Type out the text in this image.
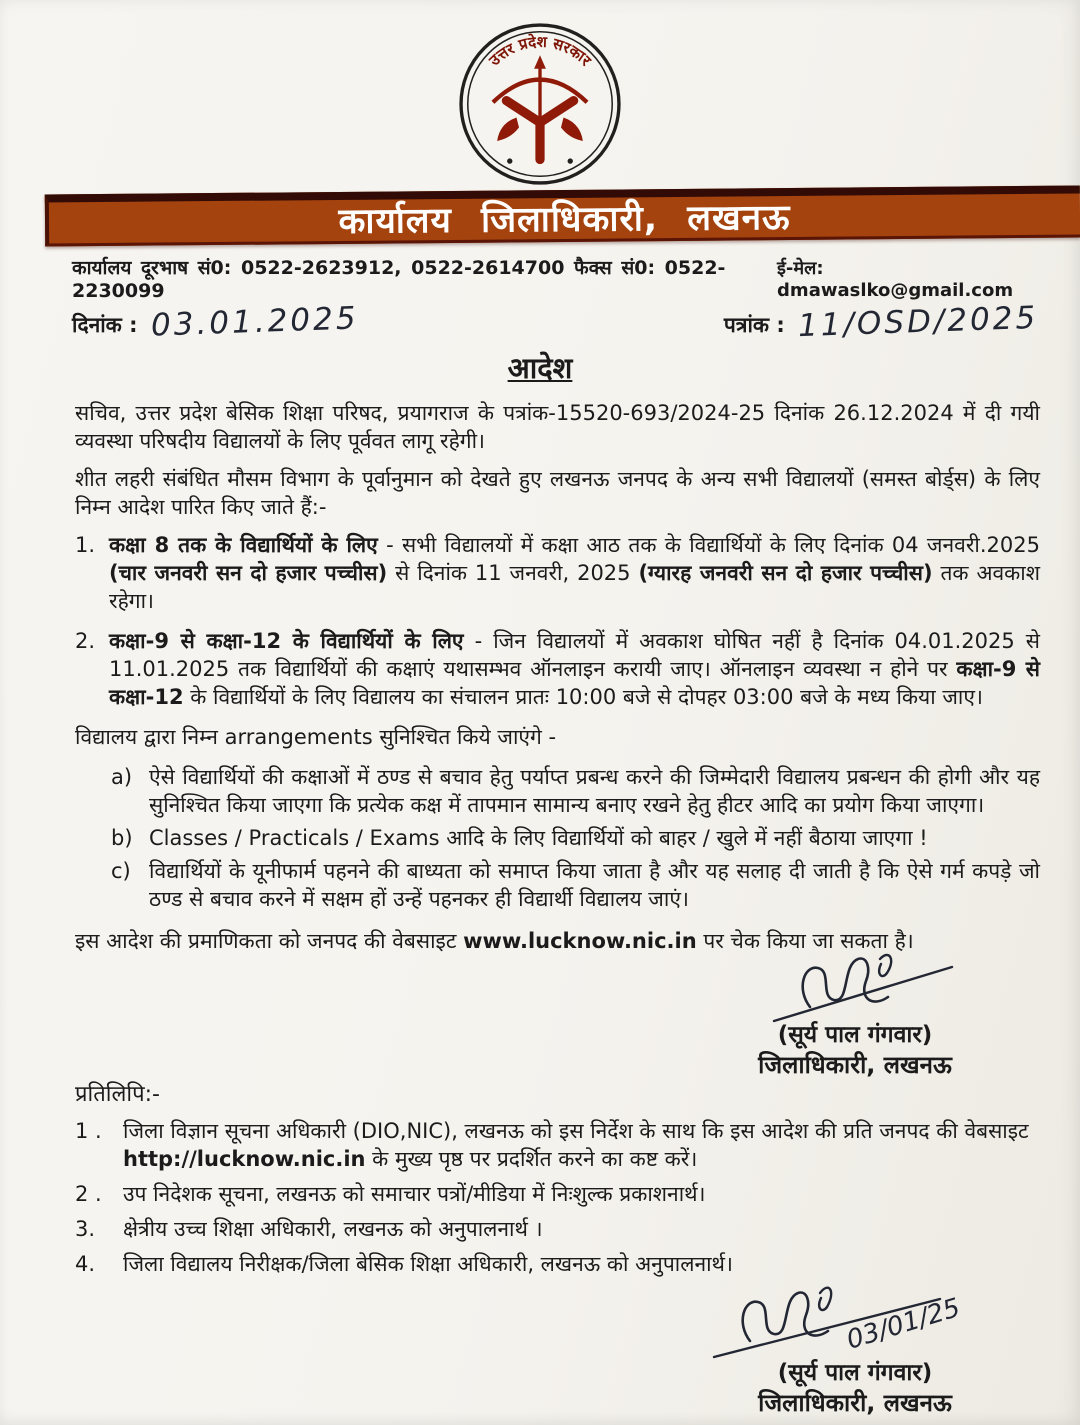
उत्तर प्रदेश सरकार
कार्यालय जिलाधिकारी, लखनऊ
कार्यालय दूरभाष सं0: 0522-2623912, 0522-2614700 फैक्स सं0: 0522-2230099
ई-मेल: dmawaslko@gmail.com
दिनांक : 03.01.2025	पत्रांक : 11/OSD/2025
आदेश

सचिव, उत्तर प्रदेश बेसिक शिक्षा परिषद, प्रयागराज के पत्रांक-15520-693/2024-25 दिनांक 26.12.2024 में दी गयी व्यवस्था परिषदीय विद्यालयों के लिए पूर्ववत लागू रहेगी।

शीत लहरी संबंधित मौसम विभाग के पूर्वानुमान को देखते हुए लखनऊ जनपद के अन्य सभी विद्यालयों (समस्त बोर्ड्स) के लिए निम्न आदेश पारित किए जाते हैं:-

1. कक्षा 8 तक के विद्यार्थियों के लिए - सभी विद्यालयों में कक्षा आठ तक के विद्यार्थियों के लिए दिनांक 04 जनवरी.2025 (चार जनवरी सन दो हजार पच्चीस) से दिनांक 11 जनवरी, 2025 (ग्यारह जनवरी सन दो हजार पच्चीस) तक अवकाश रहेगा।
2. कक्षा-9 से कक्षा-12 के विद्यार्थियों के लिए - जिन विद्यालयों में अवकाश घोषित नहीं है दिनांक 04.01.2025 से 11.01.2025 तक विद्यार्थियों की कक्षाएं यथासम्भव ऑनलाइन करायी जाए। ऑनलाइन व्यवस्था न होने पर कक्षा-9 से कक्षा-12 के विद्यार्थियों के लिए विद्यालय का संचालन प्रातः 10:00 बजे से दोपहर 03:00 बजे के मध्य किया जाए।

विद्यालय द्वारा निम्न arrangements सुनिश्चित किये जाएंगे -

a) ऐसे विद्यार्थियों की कक्षाओं में ठण्ड से बचाव हेतु पर्याप्त प्रबन्ध करने की जिम्मेदारी विद्यालय प्रबन्धन की होगी और यह सुनिश्चित किया जाएगा कि प्रत्येक कक्ष में तापमान सामान्य बनाए रखने हेतु हीटर आदि का प्रयोग किया जाएगा।
b) Classes / Practicals / Exams आदि के लिए विद्यार्थियों को बाहर / खुले में नहीं बैठाया जाएगा !
c) विद्यार्थियों के यूनीफार्म पहनने की बाध्यता को समाप्त किया जाता है और यह सलाह दी जाती है कि ऐसे गर्म कपड़े जो ठण्ड से बचाव करने में सक्षम हों उन्हें पहनकर ही विद्यार्थी विद्यालय जाएं।

इस आदेश की प्रमाणिकता को जनपद की वेबसाइट www.lucknow.nic.in पर चेक किया जा सकता है।

(सूर्य पाल गंगवार)
जिलाधिकारी, लखनऊ
प्रतिलिपि:-
1 .	जिला विज्ञान सूचना अधिकारी (DIO,NIC), लखनऊ को इस निर्देश के साथ कि इस आदेश की प्रति जनपद की वेबसाइट http://lucknow.nic.in के मुख्य पृष्ठ पर प्रदर्शित करने का कष्ट करें।
2 .	उप निदेशक सूचना, लखनऊ को समाचार पत्रों/मीडिया में निःशुल्क प्रकाशनार्थ।
3.	क्षेत्रीय उच्च शिक्षा अधिकारी, लखनऊ को अनुपालनार्थ ।
4.	जिला विद्यालय निरीक्षक/जिला बेसिक शिक्षा अधिकारी, लखनऊ को अनुपालनार्थ।
03/01/25
(सूर्य पाल गंगवार)
जिलाधिकारी, लखनऊ
